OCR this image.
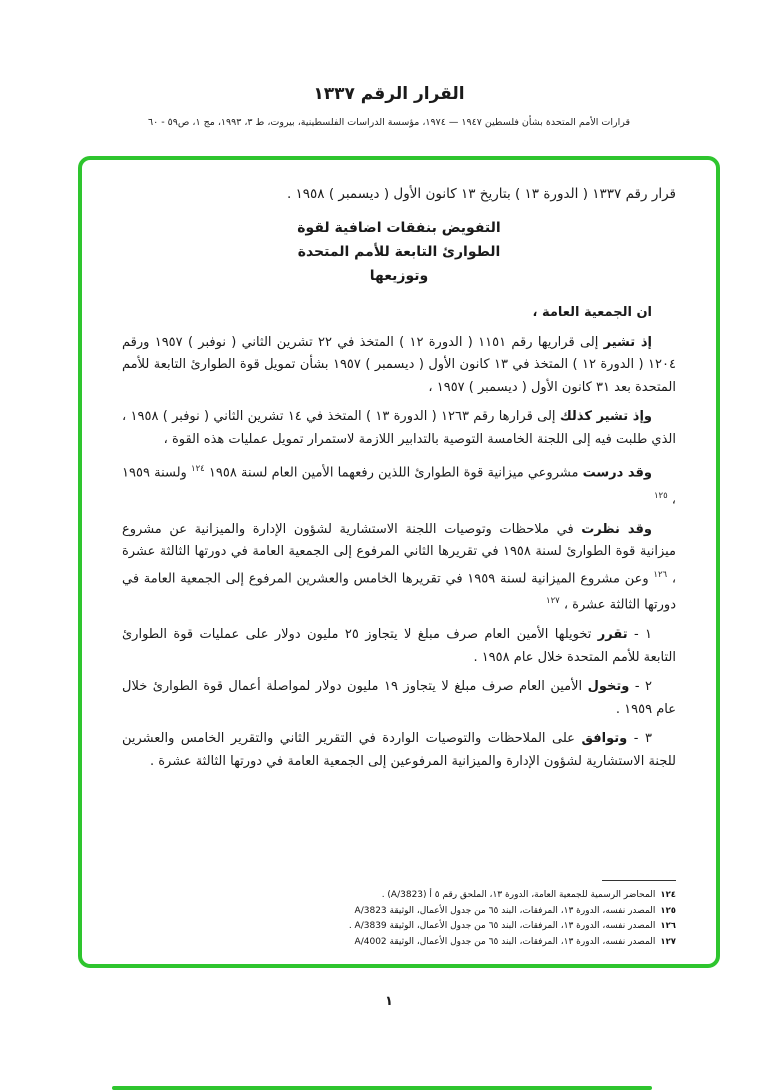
القرار الرقم ١٣٣٧
قرارات الأمم المتحدة بشأن فلسطين ١٩٤٧ — ١٩٧٤، مؤسسة الدراسات الفلسطينية، بيروت، ط ٣، ١٩٩٣، مج ١، ص٥٩ - ٦٠

قرار رقم ١٣٣٧ ( الدورة ١٣ ) بتاريخ ١٣ كانون الأول ( ديسمبر ) ١٩٥٨ .

التفويض بنفقات اضافية لقوة
الطوارئ التابعة للأمم المتحدة
وتوزيعها

ان الجمعية العامة ،

إذ تشير إلى قراريها رقم ١١٥١ ( الدورة ١٢ ) المتخذ في ٢٢ تشرين الثاني ( نوفبر ) ١٩٥٧ ورقم ١٢٠٤ ( الدورة ١٢ ) المتخذ في ١٣ كانون الأول ( ديسمبر ) ١٩٥٧ بشأن تمويل قوة الطوارئ التابعة للأمم المتحدة بعد ٣١ كانون الأول ( ديسمبر ) ١٩٥٧ ،

وإذ تشير كذلك إلى قرارها رقم ١٢٦٣ ( الدورة ١٣ ) المتخذ في ١٤ تشرين الثاني ( نوفبر ) ١٩٥٨ ، الذي طلبت فيه إلى اللجنة الخامسة التوصية بالتدابير اللازمة لاستمرار تمويل عمليات هذه القوة ،

وقد درست مشروعي ميزانية قوة الطوارئ اللذين رفعهما الأمين العام لسنة ١٩٥٨ $^{١٢٤}$ ولسنة ١٩٥٩ ، $^{١٢٥}$

وقد نظرت في ملاحظات وتوصيات اللجنة الاستشارية لشؤون الإدارة والميزانية عن مشروع ميزانية قوة الطوارئ لسنة ١٩٥٨ في تقريرها الثاني المرفوع إلى الجمعية العامة في دورتها الثالثة عشرة ، $^{١٢٦}$ وعن مشروع الميزانية لسنة ١٩٥٩ في تقريرها الخامس والعشرين المرفوع إلى الجمعية العامة في دورتها الثالثة عشرة ، $^{١٢٧}$

١ - تقرر تخويلها الأمين العام صرف مبلغ لا يتجاوز ٢٥ مليون دولار على عمليات قوة الطوارئ التابعة للأمم المتحدة خلال عام ١٩٥٨ .

٢ - وتخول الأمين العام صرف مبلغ لا يتجاوز ١٩ مليون دولار لمواصلة أعمال قوة الطوارئ خلال عام ١٩٥٩ .

٣ - وتوافق على الملاحظات والتوصيات الواردة في التقرير الثاني والتقرير الخامس والعشرين للجنة الاستشارية لشؤون الإدارة والميزانية المرفوعين إلى الجمعية العامة في دورتها الثالثة عشرة .

١٢٤المحاضر الرسمية للجمعية العامة، الدورة ١٣، الملحق رقم ٥ أ (A/3823) .
١٢٥المصدر نفسه، الدورة ١٣، المرفقات، البند ٦٥ من جدول الأعمال، الوثيقة A/3823
١٢٦المصدر نفسه، الدورة ١٣، المرفقات، البند ٦٥ من جدول الأعمال، الوثيقة A/3839 .
١٢٧المصدر نفسه، الدورة ١٣، المرفقات، البند ٦٥ من جدول الأعمال، الوثيقة A/4002
١
